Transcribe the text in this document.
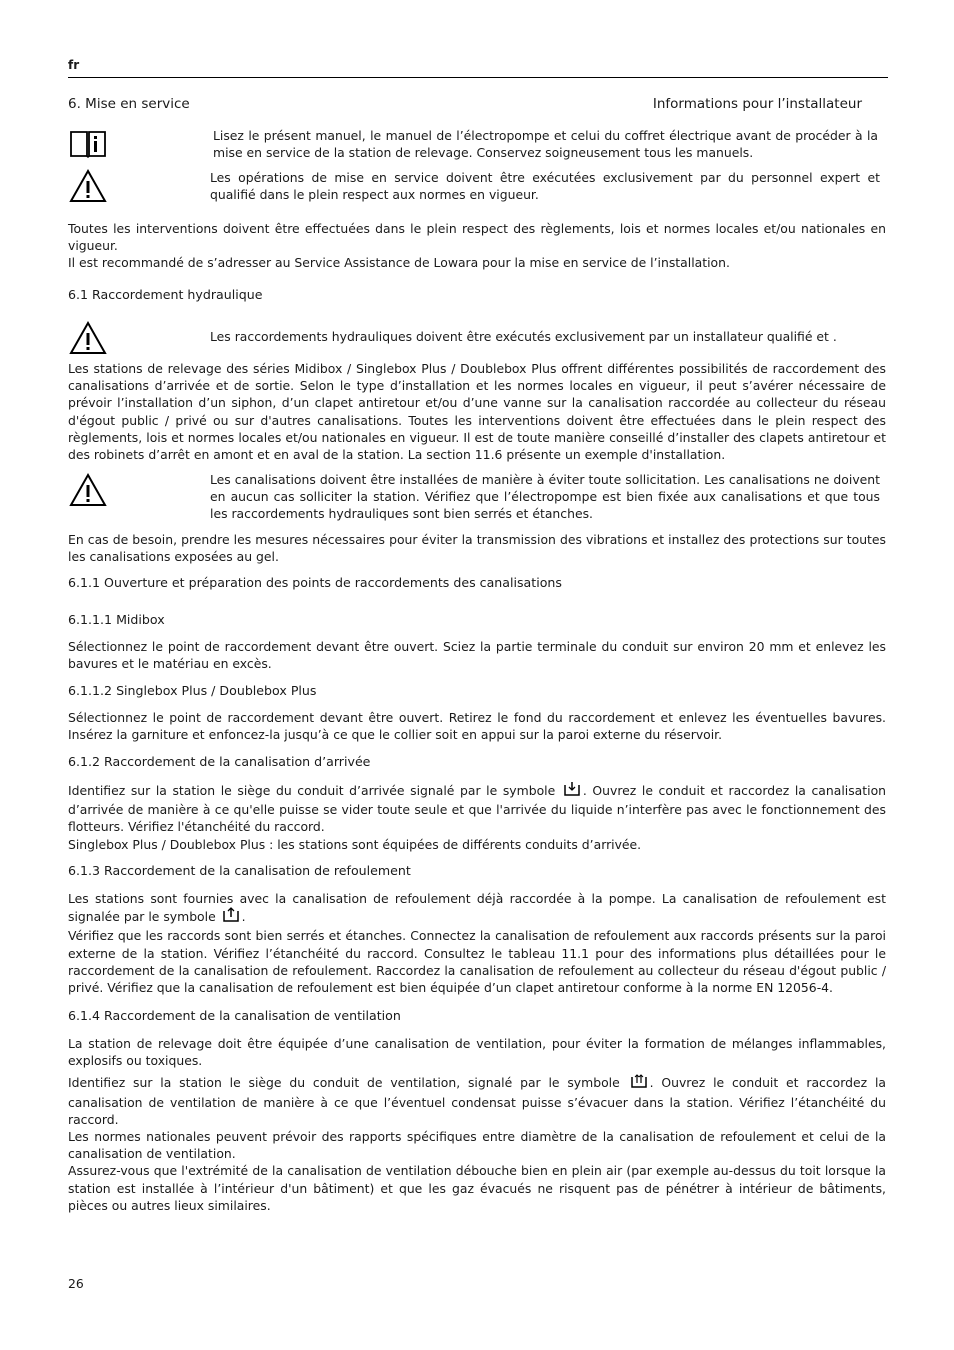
fr
6. Mise en service	Informations pour l’installateur

Lisez le présent manuel, le manuel de l’électropompe et celui du coffret électrique avant de procéder à la mise en service de la station de relevage. Conservez soigneusement tous les manuels.

Les opérations de mise en service doivent être exécutées exclusivement par du personnel expert et qualifié dans le plein respect aux normes en vigueur.

Toutes les interventions doivent être effectuées dans le plein respect des règlements, lois et normes locales et/ou nationales en vigueur.

Il est recommandé de s’adresser au Service Assistance de Lowara pour la mise en service de l’installation.

6.1 Raccordement hydraulique

Les raccordements hydrauliques doivent être exécutés exclusivement par un installateur qualifié et .

Les stations de relevage des séries Midibox / Singlebox Plus / Doublebox Plus offrent différentes possibilités de raccordement des canalisations d’arrivée et de sortie. Selon le type d’installation et les normes locales en vigueur, il peut s’avérer nécessaire de prévoir l’installation d’un siphon, d’un clapet antiretour et/ou d’une vanne sur la canalisation raccordée au collecteur du réseau d'égout public / privé ou sur d'autres canalisations. Toutes les interventions doivent être effectuées dans le plein respect des règlements, lois et normes locales et/ou nationales en vigueur. Il est de toute manière conseillé d’installer des clapets antiretour et des robinets d’arrêt en amont et en aval de la station. La section 11.6 présente un exemple d'installation.

Les canalisations doivent être installées de manière à éviter toute sollicitation. Les canalisations ne doivent en aucun cas solliciter la station. Vérifiez que l’électropompe est bien fixée aux canalisations et que tous les raccordements hydrauliques sont bien serrés et étanches.

En cas de besoin, prendre les mesures nécessaires pour éviter la transmission des vibrations et installez des protections sur toutes les canalisations exposées au gel.

6.1.1 Ouverture et préparation des points de raccordements des canalisations
6.1.1.1 Midibox

Sélectionnez le point de raccordement devant être ouvert. Sciez la partie terminale du conduit sur environ 20 mm et enlevez les bavures et le matériau en excès.

6.1.1.2 Singlebox Plus / Doublebox Plus

Sélectionnez le point de raccordement devant être ouvert. Retirez le fond du raccordement et enlevez les éventuelles bavures. Insérez la garniture et enfoncez-la jusqu’à ce que le collier soit en appui sur la paroi externe du réservoir.

6.1.2 Raccordement de la canalisation d’arrivée

Identifiez sur la station le siège du conduit d’arrivée signalé par le symbole . Ouvrez le conduit et raccordez la canalisation d’arrivée de manière à ce qu'elle puisse se vider toute seule et que l'arrivée du liquide n’interfère pas avec le fonctionnement des flotteurs. Vérifiez l'étanchéité du raccord.

Singlebox Plus / Doublebox Plus : les stations sont équipées de différents conduits d’arrivée.

6.1.3 Raccordement de la canalisation de refoulement

Les stations sont fournies avec la canalisation de refoulement déjà raccordée à la pompe. La canalisation de refoulement est signalée par le symbole .

Vérifiez que les raccords sont bien serrés et étanches. Connectez la canalisation de refoulement aux raccords présents sur la paroi externe de la station. Vérifiez l’étanchéité du raccord. Consultez le tableau 11.1 pour des informations plus détaillées pour le raccordement de la canalisation de refoulement. Raccordez la canalisation de refoulement au collecteur du réseau d'égout public / privé. Vérifiez que la canalisation de refoulement est bien équipée d’un clapet antiretour conforme à la norme EN 12056-4.

6.1.4 Raccordement de la canalisation de ventilation

La station de relevage doit être équipée d’une canalisation de ventilation, pour éviter la formation de mélanges inflammables, explosifs ou toxiques.

Identifiez sur la station le siège du conduit de ventilation, signalé par le symbole . Ouvrez le conduit et raccordez la canalisation de ventilation de manière à ce que l’éventuel condensat puisse s’évacuer dans la station. Vérifiez l’étanchéité du raccord.

Les normes nationales peuvent prévoir des rapports spécifiques entre diamètre de la canalisation de refoulement et celui de la canalisation de ventilation.

Assurez-vous que l'extrémité de la canalisation de ventilation débouche bien en plein air (par exemple au-dessus du toit lorsque la station est installée à l’intérieur d'un bâtiment) et que les gaz évacués ne risquent pas de pénétrer à intérieur de bâtiments, pièces ou autres lieux similaires.

26
